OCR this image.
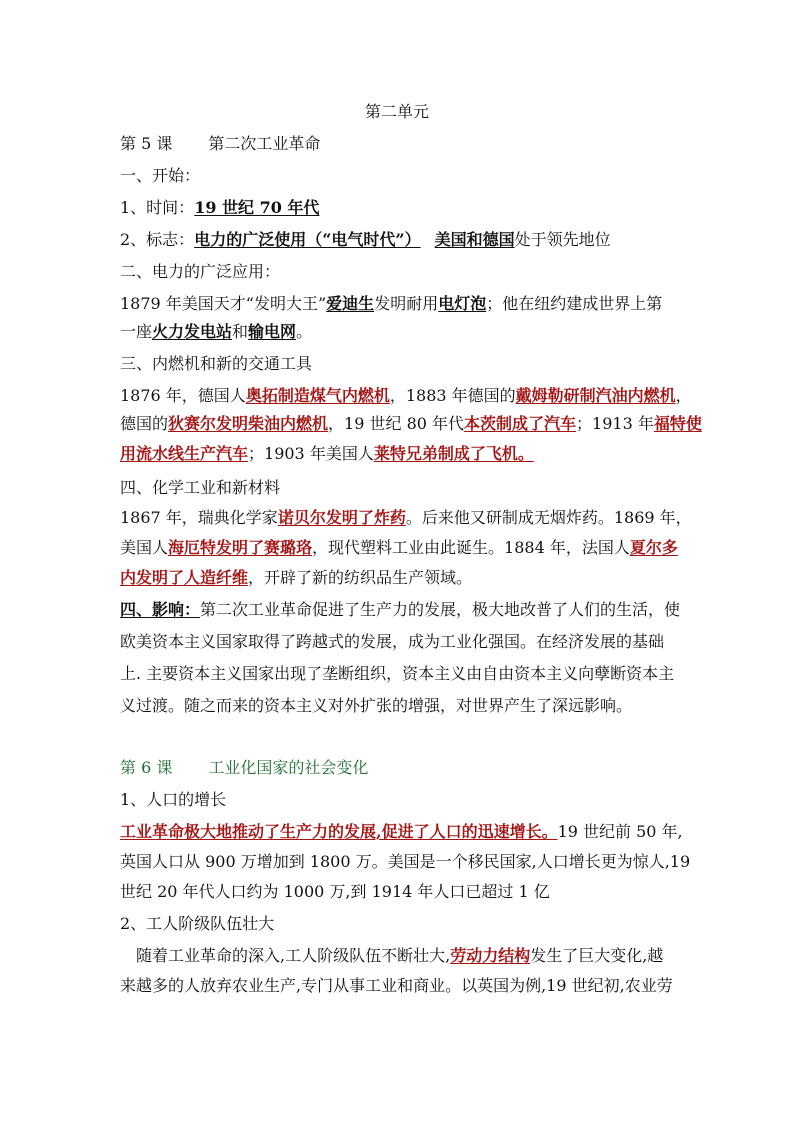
第二单元
第 5 课 第二次工业革命
一、开始：
1、时间：19 世纪 70 年代
2、标志：电力的广泛使用（“电气时代”） 美国和德国处于领先地位
二、电力的广泛应用：
1879 年美国天才“发明大王”爱迪生发明耐用电灯泡；他在纽约建成世界上第
一座火力发电站和输电网。
三、内燃机和新的交通工具
1876 年，德国人奥拓制造煤气内燃机，1883 年德国的戴姆勒研制汽油内燃机，
德国的狄赛尔发明柴油内燃机，19 世纪 80 年代本茨制成了汽车；1913 年福特使
用流水线生产汽车；1903 年美国人莱特兄弟制成了飞机。
四、化学工业和新材料
1867 年，瑞典化学家诺贝尔发明了炸药。后来他又研制成无烟炸药。1869 年，
美国人海厄特发明了赛璐珞，现代塑料工业由此诞生。1884 年，法国人夏尔多
内发明了人造纤维，开辟了新的纺织品生产领域。
四、影响：第二次工业革命促进了生产力的发展，极大地改普了人们的生活，使
欧美资本主义国家取得了跨越式的发展，成为工业化强国。在经济发展的基础
上. 主要资本主义国家出现了垄断组织，资本主义由自由资本主义向孽断资本主
义过渡。随之而来的资本主义对外扩张的增强，对世界产生了深远影响。
第 6 课 工业化国家的社会变化
1、人口的增长
工业革命极大地推动了生产力的发展,促进了人口的迅速增长。19 世纪前 50 年,
英国人口从 900 万增加到 1800 万。美国是一个移民国家,人口增长更为惊人,19
世纪 20 年代人口约为 1000 万,到 1914 年人口已超过 1 亿
2、工人阶级队伍壮大
随着工业革命的深入,工人阶级队伍不断壮大,劳动力结构发生了巨大变化,越
来越多的人放弃农业生产,专门从事工业和商业。以英国为例,19 世纪初,农业劳
